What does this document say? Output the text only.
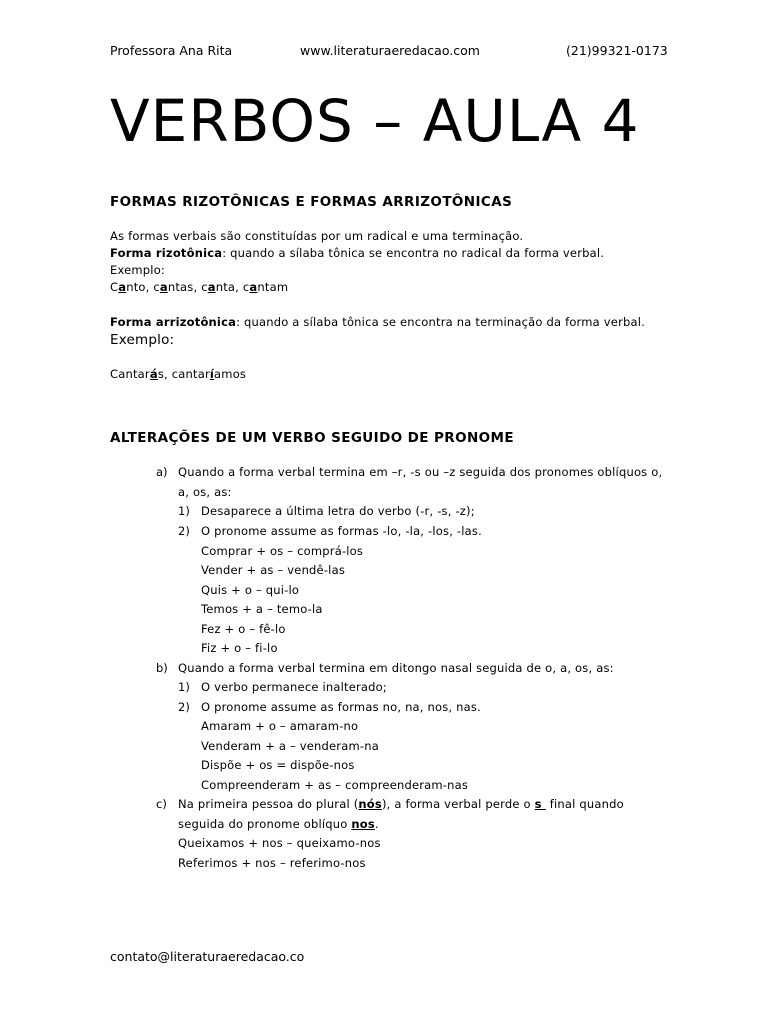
Professora Ana Rita	www.literaturaeredacao.com	(21)99321-0173
VERBOS – AULA 4
FORMAS RIZOTÔNICAS E FORMAS ARRIZOTÔNICAS
As formas verbais são constituídas por um radical e uma terminação.
Forma rizotônica: quando a sílaba tônica se encontra no radical da forma verbal.
Exemplo:
Canto, cantas, canta, cantam
Forma arrizotônica: quando a sílaba tônica se encontra na terminação da forma verbal.
Exemplo:
Cantarás, cantaríamos
ALTERAÇÕES DE UM VERBO SEGUIDO DE PRONOME
a) Quando a forma verbal termina em –r, -s ou –z seguida dos pronomes oblíquos o,
a, os, as:
1) Desaparece a última letra do verbo (-r, -s, -z);
2) O pronome assume as formas -lo, -la, -los, -las.
Comprar + os – comprá-los
Vender + as – vendê-las
Quis + o – qui-lo
Temos + a – temo-la
Fez + o – fê-lo
Fiz + o – fi-lo
b) Quando a forma verbal termina em ditongo nasal seguida de o, a, os, as:
1) O verbo permanece inalterado;
2) O pronome assume as formas no, na, nos, nas.
Amaram + o – amaram-no
Venderam + a – venderam-na
Dispõe + os = dispõe-nos
Compreenderam + as – compreenderam-nas
c) Na primeira pessoa do plural (nós), a forma verbal perde o s  final quando
seguida do pronome oblíquo nos.
Queixamos + nos – queixamo-nos
Referimos + nos – referimo-nos
contato@literaturaeredacao.co
